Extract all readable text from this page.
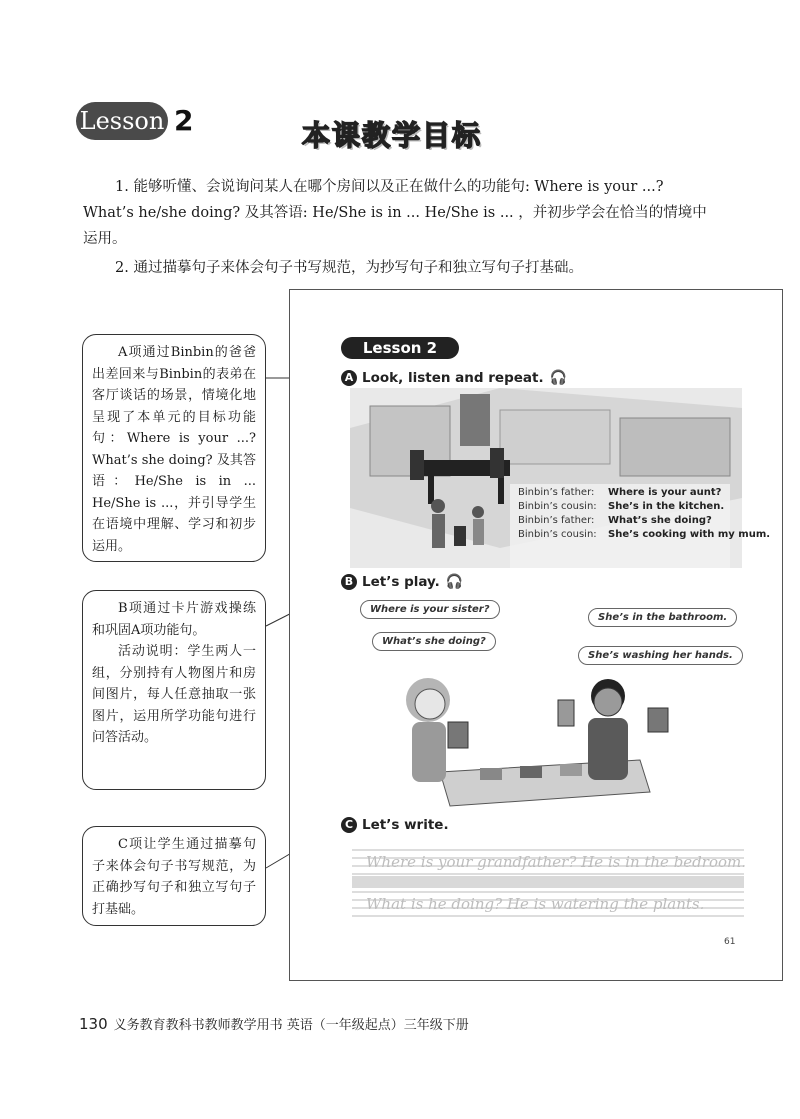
Lesson 2	本课教学目标
1. 能够听懂、会说询问某人在哪个房间以及正在做什么的功能句: Where is your ...? What’s he/she doing? 及其答语: He/She is in ... He/She is ... ，并初步学会在恰当的情境中运用。
2. 通过描摹句子来体会句子书写规范，为抄写句子和独立写句子打基础。

A项通过Binbin的爸爸出差回来与Binbin的表弟在客厅谈话的场景，情境化地呈现了本单元的目标功能句：Where is your ...? What’s she doing? 及其答语：He/She is in ... He/She is ...，并引导学生在语境中理解、学习和初步运用。

B项通过卡片游戏操练和巩固A项功能句。

活动说明：学生两人一组，分别持有人物图片和房间图片，每人任意抽取一张图片，运用所学功能句进行问答活动。

C项让学生通过描摹句子来体会句子书写规范，为正确抄写句子和独立写句子打基础。

Lesson 2
A Look, listen and repeat. 🎧
Binbin’s father: Where is your aunt?
Binbin’s cousin: She’s in the kitchen.
Binbin’s father: What’s she doing?
Binbin’s cousin: She’s cooking with my mum.
B Let’s play. 🎧
Where is your sister?
What’s she doing?
She’s in the bathroom.
She’s washing her hands.
C Let’s write.
Where is your grandfather? He is in the bedroom.
What is he doing? He is watering the plants.
61
130 义务教育教科书教师教学用书 英语（一年级起点）三年级下册
